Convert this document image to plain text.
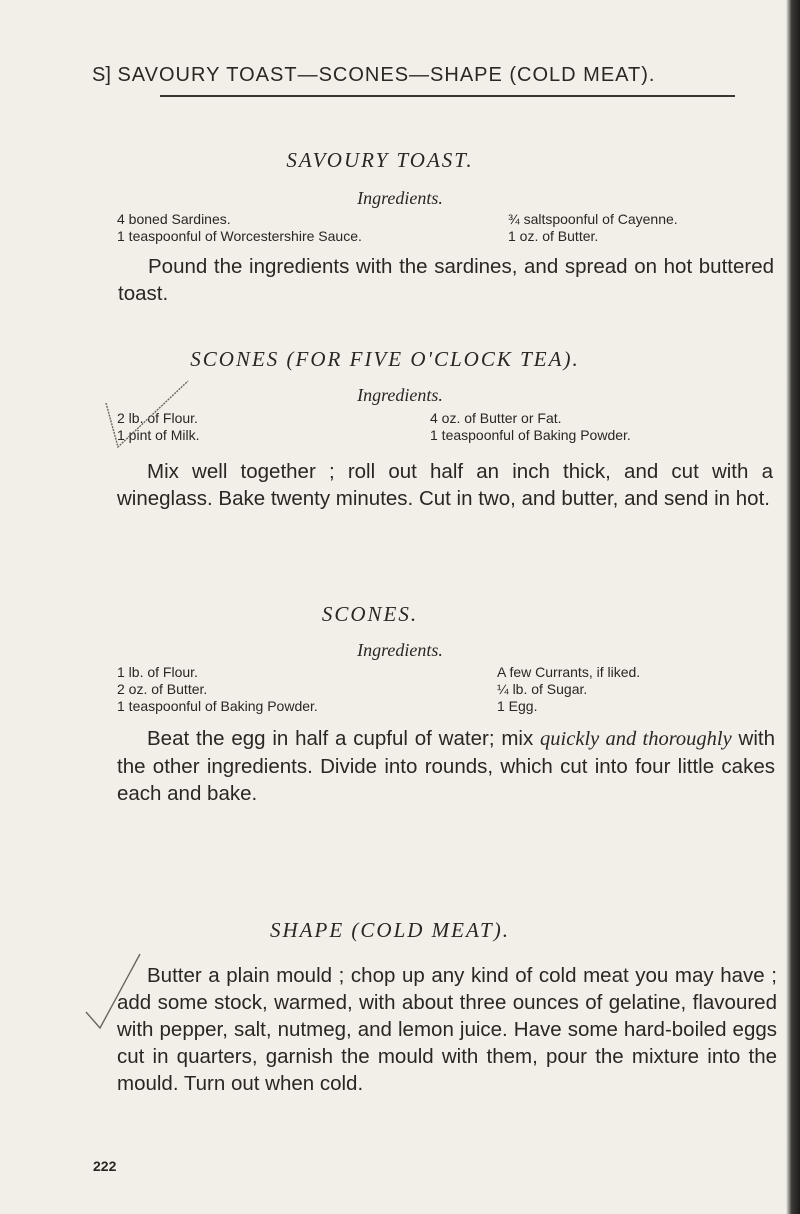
S] SAVOURY TOAST—SCONES—SHAPE (COLD MEAT).
SAVOURY TOAST.
Ingredients.
4 boned Sardines.
1 teaspoonful of Worcestershire Sauce.
¾ saltspoonful of Cayenne.
1 oz. of Butter.
Pound the ingredients with the sardines, and spread on hot buttered toast.
SCONES (FOR FIVE O'CLOCK TEA).
Ingredients.
2 lb. of Flour.
1 pint of Milk.
4 oz. of Butter or Fat.
1 teaspoonful of Baking Powder.
Mix well together ; roll out half an inch thick, and cut with a wineglass. Bake twenty minutes. Cut in two, and butter, and send in hot.
SCONES.
Ingredients.
1 lb. of Flour.
2 oz. of Butter.
1 teaspoonful of Baking Powder.
A few Currants, if liked.
¼ lb. of Sugar.
1 Egg.
Beat the egg in half a cupful of water; mix quickly and thoroughly with the other ingredients. Divide into rounds, which cut into four little cakes each and bake.
SHAPE (COLD MEAT).
Butter a plain mould ; chop up any kind of cold meat you may have ; add some stock, warmed, with about three ounces of gelatine, flavoured with pepper, salt, nutmeg, and lemon juice. Have some hard-boiled eggs cut in quarters, garnish the mould with them, pour the mixture into the mould. Turn out when cold.
222
